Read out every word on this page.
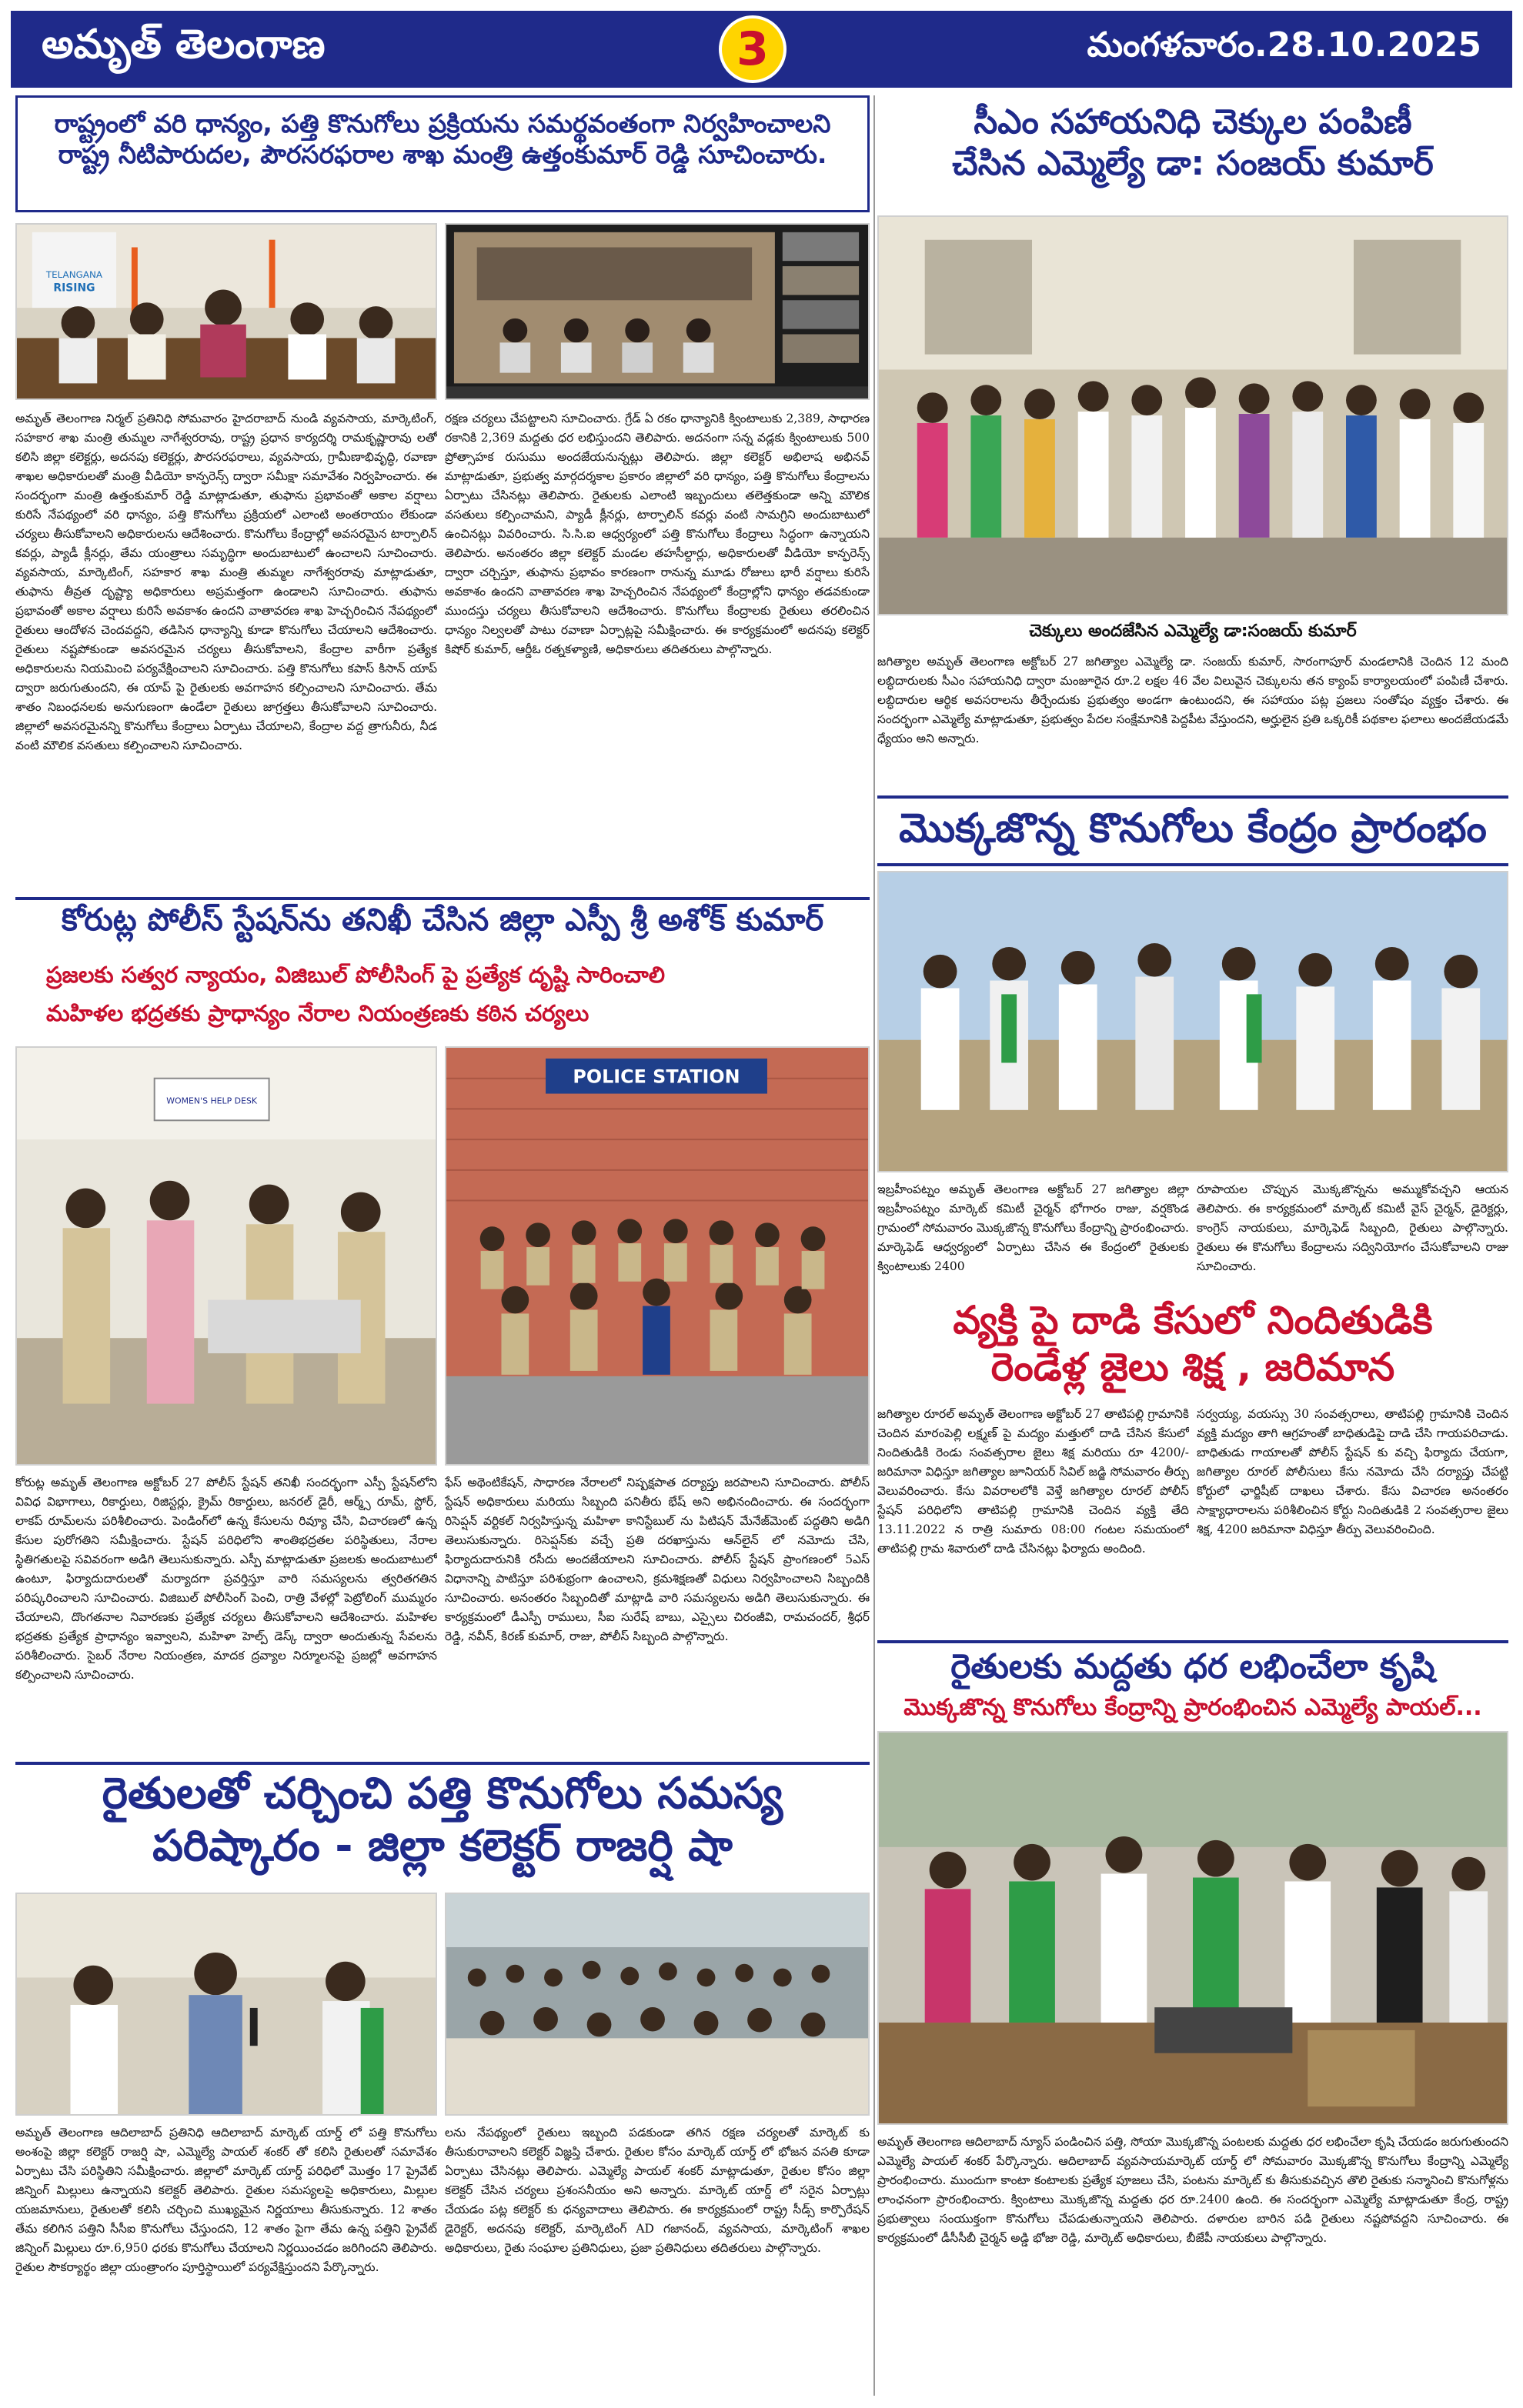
అమృత్ తెలంగాణ	3	మంగళవారం.28.10.2025
రాష్ట్రంలో వరి ధాన్యం, పత్తి కొనుగోలు ప్రక్రియను సమర్థవంతంగా నిర్వహించాలని
రాష్ట్ర నీటిపారుదల, పౌరసరఫరాల శాఖ మంత్రి ఉత్తంకుమార్ రెడ్డి సూచించారు.
TELANGANA
RISING
అమృత్ తెలంగాణ నిర్మల్ ప్రతినిధి సోమవారం హైదరాబాద్ నుండి వ్యవసాయ, మార్కెటింగ్, సహకార శాఖ మంత్రి తుమ్మల నాగేశ్వరరావు, రాష్ట్ర ప్రధాన కార్యదర్శి రామకృష్ణారావు లతో కలిసి జిల్లా కలెక్టర్లు, అదనపు కలెక్టర్లు, పౌరసరఫరాలు, వ్యవసాయ, గ్రామీణాభివృద్ధి, రవాణా శాఖల అధికారులతో మంత్రి వీడియో కాన్ఫరెన్స్ ద్వారా సమీక్షా సమావేశం నిర్వహించారు. ఈ సందర్భంగా మంత్రి ఉత్తంకుమార్ రెడ్డి మాట్లాడుతూ, తుఫాను ప్రభావంతో అకాల వర్షాలు కురిసే నేపథ్యంలో వరి ధాన్యం, పత్తి కొనుగోలు ప్రక్రియలో ఎలాంటి అంతరాయం లేకుండా చర్యలు తీసుకోవాలని అధికారులను ఆదేశించారు. కొనుగోలు కేంద్రాల్లో అవసరమైన టార్పాలిన్ కవర్లు, ప్యాడీ క్లీనర్లు, తేమ యంత్రాలు సమృద్ధిగా అందుబాటులో ఉంచాలని సూచించారు. వ్యవసాయ, మార్కెటింగ్, సహకార శాఖ మంత్రి తుమ్మల నాగేశ్వరరావు మాట్లాడుతూ, తుఫాను తీవ్రత దృష్ట్యా అధికారులు అప్రమత్తంగా ఉండాలని సూచించారు. తుఫాను ప్రభావంతో అకాల వర్షాలు కురిసే అవకాశం ఉందని వాతావరణ శాఖ హెచ్చరించిన నేపథ్యంలో రైతులు ఆందోళన చెందవద్దని, తడిసిన ధాన్యాన్ని కూడా కొనుగోలు చేయాలని ఆదేశించారు. రైతులు నష్టపోకుండా అవసరమైన చర్యలు తీసుకోవాలని, కేంద్రాల వారీగా ప్రత్యేక అధికారులను నియమించి పర్యవేక్షించాలని సూచించారు. పత్తి కొనుగోలు కపాస్ కిసాన్ యాప్ ద్వారా జరుగుతుందని, ఈ యాప్ పై రైతులకు అవగాహన కల్పించాలని సూచించారు. తేమ శాతం నిబంధనలకు అనుగుణంగా ఉండేలా రైతులు జాగ్రత్తలు తీసుకోవాలని సూచించారు. జిల్లాలో అవసరమైనన్ని కొనుగోలు కేంద్రాలు ఏర్పాటు చేయాలని, కేంద్రాల వద్ద త్రాగునీరు, నీడ వంటి మౌలిక వసతులు కల్పించాలని సూచించారు.
రక్షణ చర్యలు చేపట్టాలని సూచించారు. గ్రేడ్ ఏ రకం ధాన్యానికి క్వింటాలుకు 2,389, సాధారణ రకానికి 2,369 మద్దతు ధర లభిస్తుందని తెలిపారు. అదనంగా సన్న వడ్లకు క్వింటాలుకు 500 ప్రోత్సాహక రుసుము అందజేయనున్నట్లు తెలిపారు. జిల్లా కలెక్టర్ అభిలాష అభినవ్ మాట్లాడుతూ, ప్రభుత్వ మార్గదర్శకాల ప్రకారం జిల్లాలో వరి ధాన్యం, పత్తి కొనుగోలు కేంద్రాలను ఏర్పాటు చేసినట్లు తెలిపారు. రైతులకు ఎలాంటి ఇబ్బందులు తలెత్తకుండా అన్ని మౌలిక వసతులు కల్పించామని, ప్యాడీ క్లీనర్లు, టార్పాలిన్ కవర్లు వంటి సామగ్రిని అందుబాటులో ఉంచినట్లు వివరించారు. సి.సి.ఐ ఆధ్వర్యంలో పత్తి కొనుగోలు కేంద్రాలు సిద్ధంగా ఉన్నాయని తెలిపారు. అనంతరం జిల్లా కలెక్టర్ మండల తహసీల్దార్లు, అధికారులతో వీడియో కాన్ఫరెన్స్ ద్వారా చర్చిస్తూ, తుఫాను ప్రభావం కారణంగా రానున్న మూడు రోజులు భారీ వర్షాలు కురిసే అవకాశం ఉందని వాతావరణ శాఖ హెచ్చరించిన నేపథ్యంలో కేంద్రాల్లోని ధాన్యం తడవకుండా ముందస్తు చర్యలు తీసుకోవాలని ఆదేశించారు. కొనుగోలు కేంద్రాలకు రైతులు తరలించిన ధాన్యం నిల్వలతో పాటు రవాణా ఏర్పాట్లపై సమీక్షించారు. ఈ కార్యక్రమంలో అదనపు కలెక్టర్ కిషోర్ కుమార్, ఆర్డీఓ రత్నకళ్యాణి, అధికారులు తదితరులు పాల్గొన్నారు.
సీఎం సహాయనిధి చెక్కుల పంపిణీ
చేసిన ఎమ్మెల్యే డా: సంజయ్ కుమార్
చెక్కులు అందజేసిన ఎమ్మెల్యే డా:సంజయ్ కుమార్
జగిత్యాల అమృత్ తెలంగాణ అక్టోబర్ 27 జగిత్యాల ఎమ్మెల్యే డా. సంజయ్ కుమార్, సారంగాపూర్ మండలానికి చెందిన 12 మంది లబ్ధిదారులకు సీఎం సహాయనిధి ద్వారా మంజూరైన రూ.2 లక్షల 46 వేల విలువైన చెక్కులను తన క్యాంప్ కార్యాలయంలో పంపిణీ చేశారు. లబ్ధిదారుల ఆర్థిక అవసరాలను తీర్చేందుకు ప్రభుత్వం అండగా ఉంటుందని, ఈ సహాయం పట్ల ప్రజలు సంతోషం వ్యక్తం చేశారు. ఈ సందర్భంగా ఎమ్మెల్యే మాట్లాడుతూ, ప్రభుత్వం పేదల సంక్షేమానికి పెద్దపీట వేస్తుందని, అర్హులైన ప్రతి ఒక్కరికీ పథకాల ఫలాలు అందజేయడమే ధ్యేయం అని అన్నారు.
మొక్కజొన్న కొనుగోలు కేంద్రం ప్రారంభం
ఇబ్రహీంపట్నం అమృత్ తెలంగాణ అక్టోబర్ 27 జగిత్యాల జిల్లా ఇబ్రహీంపట్నం మార్కెట్ కమిటీ చైర్మన్ భోగారం రాజు, వర్షకొండ గ్రామంలో సోమవారం మొక్కజొన్న కొనుగోలు కేంద్రాన్ని ప్రారంభించారు. మార్కెఫెడ్ ఆధ్వర్యంలో ఏర్పాటు చేసిన ఈ కేంద్రంలో రైతులకు క్వింటాలుకు 2400
రూపాయల చొప్పున మొక్కజొన్నను అమ్ముకోవచ్చని ఆయన తెలిపారు. ఈ కార్యక్రమంలో మార్కెట్ కమిటీ వైస్ చైర్మన్, డైరెక్టర్లు, కాంగ్రెస్ నాయకులు, మార్కెఫెడ్ సిబ్బంది, రైతులు పాల్గొన్నారు. రైతులు ఈ కొనుగోలు కేంద్రాలను సద్వినియోగం చేసుకోవాలని రాజు సూచించారు.
వ్యక్తి పై దాడి కేసులో నిందితుడికి
రెండేళ్ల జైలు శిక్ష , జరిమాన
జగిత్యాల రూరల్ అమృత్ తెలంగాణ అక్టోబర్ 27 తాటిపల్లి గ్రామానికి చెందిన మారంపెల్లి లక్ష్మణ్ పై మద్యం మత్తులో దాడి చేసిన కేసులో నిందితుడికి రెండు సంవత్సరాల జైలు శిక్ష మరియు రూ 4200/- జరిమానా విధిస్తూ జగిత్యాల జూనియర్ సివిల్ జడ్జి సోమవారం తీర్పు వెలువరించారు. కేసు వివరాలలోకి వెళ్తే జగిత్యాల రూరల్ పోలీస్ స్టేషన్ పరిధిలోని తాటిపల్లి గ్రామానికి చెందిన వ్యక్తి తేది 13.11.2022 న రాత్రి సుమారు 08:00 గంటల సమయంలో తాటిపల్లి గ్రామ శివారులో దాడి చేసినట్లు ఫిర్యాదు అందింది.
సర్వయ్య, వయస్సు 30 సంవత్సరాలు, తాటిపల్లి గ్రామానికి చెందిన వ్యక్తి మద్యం తాగి ఆగ్రహంతో బాధితుడిపై దాడి చేసి గాయపరిచాడు. బాధితుడు గాయాలతో పోలీస్ స్టేషన్ కు వచ్చి ఫిర్యాదు చేయగా, జగిత్యాల రూరల్ పోలీసులు కేసు నమోదు చేసి దర్యాప్తు చేపట్టి కోర్టులో ఛార్జిషీట్ దాఖలు చేశారు. కేసు విచారణ అనంతరం సాక్ష్యాధారాలను పరిశీలించిన కోర్టు నిందితుడికి 2 సంవత్సరాల జైలు శిక్ష, 4200 జరిమానా విధిస్తూ తీర్పు వెలువరించింది.
రైతులకు మద్దతు ధర లభించేలా కృషి
మొక్కజొన్న కొనుగోలు కేంద్రాన్ని ప్రారంభించిన ఎమ్మెల్యే పాయల్...
అమృత్ తెలంగాణ ఆదిలాబాద్ న్యూస్ పండించిన పత్తి, సోయా మొక్కజొన్న పంటలకు మద్దతు ధర లభించేలా కృషి చేయడం జరుగుతుందని ఎమ్మెల్యే పాయల్ శంకర్ పేర్కొన్నారు. ఆదిలాబాద్ వ్యవసాయమార్కెట్ యార్డ్ లో సోమవారం మొక్కజొన్న కొనుగోలు కేంద్రాన్ని ఎమ్మెల్యే ప్రారంభించారు. ముందుగా కాంటా కంటాలకు ప్రత్యేక పూజలు చేసి, పంటను మార్కెట్ కు తీసుకువచ్చిన తొలి రైతుకు సన్మానించి కొనుగోళ్లను లాంఛనంగా ప్రారంభించారు. క్వింటాలు మొక్కజొన్న మద్దతు ధర రూ.2400 ఉంది. ఈ సందర్భంగా ఎమ్మెల్యే మాట్లాడుతూ కేంద్ర, రాష్ట్ర ప్రభుత్వాలు సంయుక్తంగా కొనుగోలు చేపడుతున్నాయని తెలిపారు. దళారుల బారిన పడి రైతులు నష్టపోవద్దని సూచించారు. ఈ కార్యక్రమంలో డీసీసీబీ చైర్మన్ అడ్డి భోజా రెడ్డి, మార్కెట్ అధికారులు, బీజేపీ నాయకులు పాల్గొన్నారు.
కోరుట్ల పోలీస్ స్టేషన్‌ను తనిఖీ చేసిన జిల్లా ఎస్పీ శ్రీ అశోక్ కుమార్
ప్రజలకు సత్వర న్యాయం, విజిబుల్ పోలీసింగ్ పై ప్రత్యేక దృష్టి సారించాలి
మహిళల భద్రతకు ప్రాధాన్యం నేరాల నియంత్రణకు కఠిన చర్యలు
WOMEN'S HELP DESK
POLICE STATION
కోరుట్ల అమృత్ తెలంగాణ అక్టోబర్ 27 పోలీస్ స్టేషన్ తనిఖీ సందర్భంగా ఎస్పీ స్టేషన్‌లోని వివిధ విభాగాలు, రికార్డులు, రిజిస్టర్లు, క్రైమ్ రికార్డులు, జనరల్ డైరీ, ఆర్మ్స్ రూమ్, స్టోర్, లాకప్ రూమ్‌లను పరిశీలించారు. పెండింగ్‌లో ఉన్న కేసులను రివ్యూ చేసి, విచారణలో ఉన్న కేసుల పురోగతిని సమీక్షించారు. స్టేషన్ పరిధిలోని శాంతిభద్రతల పరిస్థితులు, నేరాల స్థితిగతులపై సవివరంగా అడిగి తెలుసుకున్నారు. ఎస్పీ మాట్లాడుతూ ప్రజలకు అందుబాటులో ఉంటూ, ఫిర్యాదుదారులతో మర్యాదగా ప్రవర్తిస్తూ వారి సమస్యలను త్వరితగతిన పరిష్కరించాలని సూచించారు. విజిబుల్ పోలీసింగ్ పెంచి, రాత్రి వేళల్లో పెట్రోలింగ్ ముమ్మరం చేయాలని, దొంగతనాల నివారణకు ప్రత్యేక చర్యలు తీసుకోవాలని ఆదేశించారు. మహిళల భద్రతకు ప్రత్యేక ప్రాధాన్యం ఇవ్వాలని, మహిళా హెల్ప్ డెస్క్ ద్వారా అందుతున్న సేవలను పరిశీలించారు. సైబర్ నేరాల నియంత్రణ, మాదక ద్రవ్యాల నిర్మూలనపై ప్రజల్లో అవగాహన కల్పించాలని సూచించారు.
ఫేస్ అథెంటికేషన్, సాధారణ నేరాలలో నిష్పక్షపాత దర్యాప్తు జరపాలని సూచించారు. పోలీస్ స్టేషన్ అధికారులు మరియు సిబ్బంది పనితీరు భేష్ అని అభినందించారు. ఈ సందర్భంగా రిసెప్షన్ వర్టికల్ నిర్వహిస్తున్న మహిళా కానిస్టేబుల్ ను పిటిషన్ మేనేజ్‌మెంట్ పద్ధతిని అడిగి తెలుసుకున్నారు. రిసెప్షన్‌కు వచ్చే ప్రతి దరఖాస్తును ఆన్‌లైన్ లో నమోదు చేసి, ఫిర్యాదుదారునికి రసీదు అందజేయాలని సూచించారు. పోలీస్ స్టేషన్ ప్రాంగణంలో 5ఎస్ విధానాన్ని పాటిస్తూ పరిశుభ్రంగా ఉంచాలని, క్రమశిక్షణతో విధులు నిర్వహించాలని సిబ్బందికి సూచించారు. అనంతరం సిబ్బందితో మాట్లాడి వారి సమస్యలను అడిగి తెలుసుకున్నారు. ఈ కార్యక్రమంలో డీఎస్పీ రాములు, సీఐ సురేష్ బాబు, ఎస్సైలు చిరంజీవి, రామచందర్, శ్రీధర్ రెడ్డి, నవీన్, కిరణ్ కుమార్, రాజు, పోలీస్ సిబ్బంది పాల్గొన్నారు.
రైతులతో చర్చించి పత్తి కొనుగోలు సమస్య
పరిష్కారం - జిల్లా కలెక్టర్ రాజర్షి షా
అమృత్ తెలంగాణ ఆదిలాబాద్ ప్రతినిధి ఆదిలాబాద్ మార్కెట్ యార్డ్ లో పత్తి కొనుగోలు అంశంపై జిల్లా కలెక్టర్ రాజర్షి షా, ఎమ్మెల్యే పాయల్ శంకర్ తో కలిసి రైతులతో సమావేశం ఏర్పాటు చేసి పరిస్థితిని సమీక్షించారు. జిల్లాలో మార్కెట్ యార్డ్ పరిధిలో మొత్తం 17 ప్రైవేట్ జిన్నింగ్ మిల్లులు ఉన్నాయని కలెక్టర్ తెలిపారు. రైతుల సమస్యలపై అధికారులు, మిల్లుల యజమానులు, రైతులతో కలిసి చర్చించి ముఖ్యమైన నిర్ణయాలు తీసుకున్నారు. 12 శాతం తేమ కలిగిన పత్తిని సీసీఐ కొనుగోలు చేస్తుందని, 12 శాతం పైగా తేమ ఉన్న పత్తిని ప్రైవేట్ జిన్నింగ్ మిల్లులు రూ.6,950 ధరకు కొనుగోలు చేయాలని నిర్ణయించడం జరిగిందని తెలిపారు. రైతుల సౌకర్యార్థం జిల్లా యంత్రాంగం పూర్తిస్థాయిలో పర్యవేక్షిస్తుందని పేర్కొన్నారు.
లను నేపథ్యంలో రైతులు ఇబ్బంది పడకుండా తగిన రక్షణ చర్యలతో మార్కెట్ కు తీసుకురావాలని కలెక్టర్ విజ్ఞప్తి చేశారు. రైతుల కోసం మార్కెట్ యార్డ్ లో భోజన వసతి కూడా ఏర్పాటు చేసినట్లు తెలిపారు. ఎమ్మెల్యే పాయల్ శంకర్ మాట్లాడుతూ, రైతుల కోసం జిల్లా కలెక్టర్ చేసిన చర్యలు ప్రశంసనీయం అని అన్నారు. మార్కెట్ యార్డ్ లో సరైన ఏర్పాట్లు చేయడం పట్ల కలెక్టర్ కు ధన్యవాదాలు తెలిపారు. ఈ కార్యక్రమంలో రాష్ట్ర సీడ్స్ కార్పొరేషన్ డైరెక్టర్, అదనపు కలెక్టర్, మార్కెటింగ్ AD గజానంద్, వ్యవసాయ, మార్కెటింగ్ శాఖల అధికారులు, రైతు సంఘాల ప్రతినిధులు, ప్రజా ప్రతినిధులు తదితరులు పాల్గొన్నారు.
